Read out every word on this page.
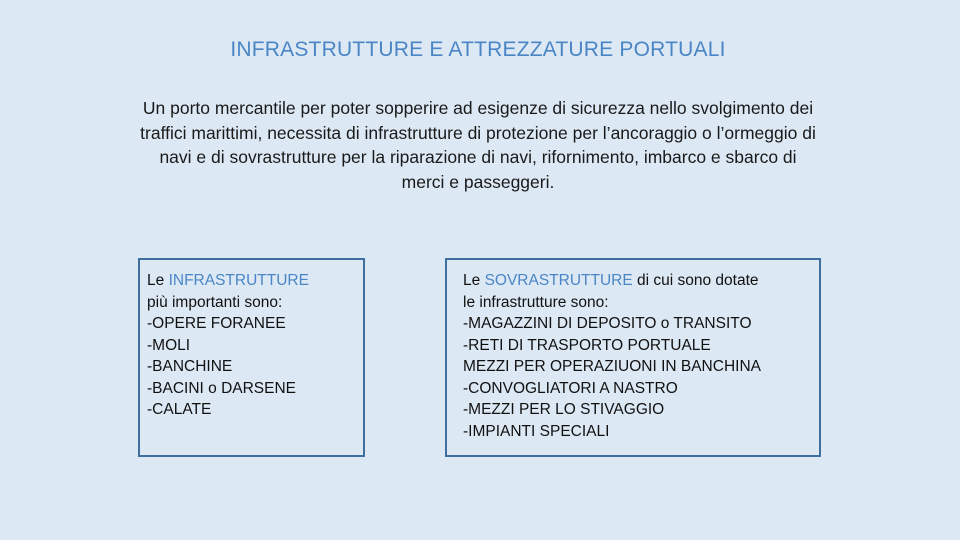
INFRASTRUTTURE E ATTREZZATURE PORTUALI
Un porto mercantile per poter sopperire ad esigenze di sicurezza nello svolgimento dei traffici marittimi, necessita di infrastrutture di protezione per l’ancoraggio o l’ormeggio di navi e di sovrastrutture per la riparazione di navi, rifornimento, imbarco e sbarco di merci e passeggeri.
Le INFRASTRUTTURE
più importanti sono:
-OPERE FORANEE
-MOLI
-BANCHINE
-BACINI o DARSENE
-CALATE
Le SOVRASTRUTTURE di cui sono dotate
le infrastrutture sono:
-MAGAZZINI DI DEPOSITO o TRANSITO
-RETI DI TRASPORTO PORTUALE
MEZZI PER OPERAZIUONI IN BANCHINA
-CONVOGLIATORI A NASTRO
-MEZZI PER LO STIVAGGIO
-IMPIANTI SPECIALI
